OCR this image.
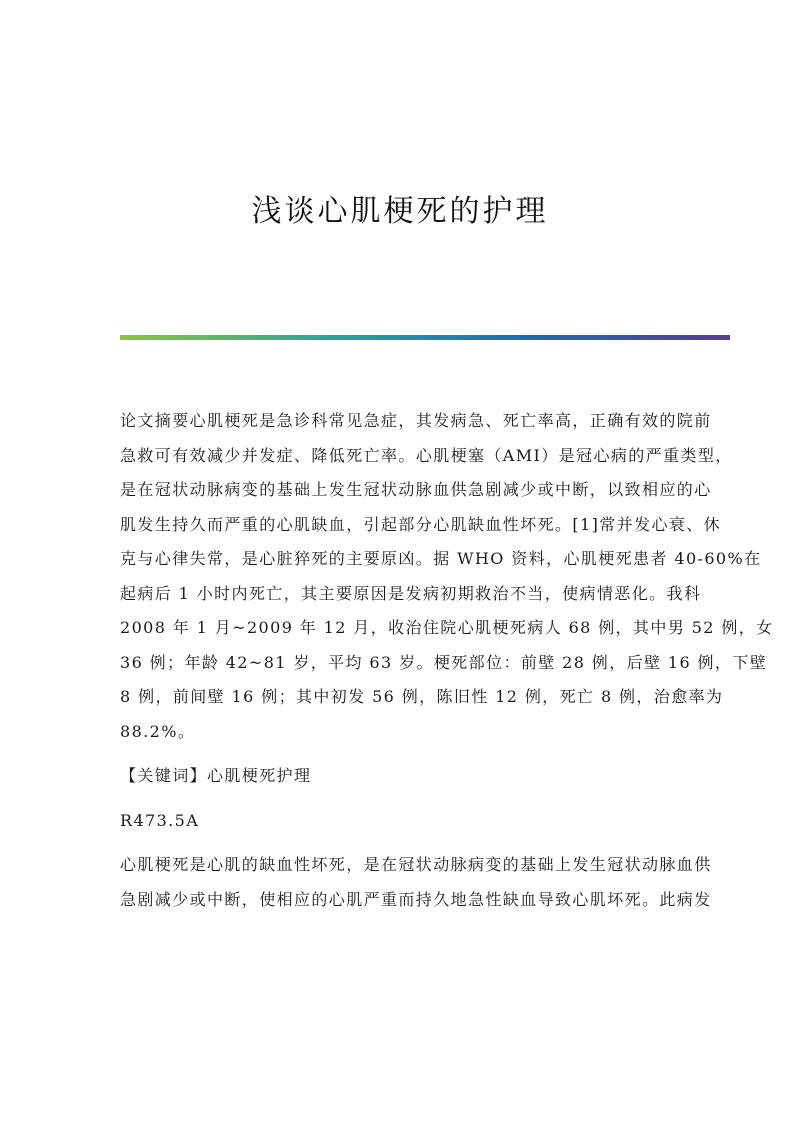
浅谈心肌梗死的护理

论文摘要心肌梗死是急诊科常见急症，其发病急、死亡率高，正确有效的院前
急救可有效减少并发症、降低死亡率。心肌梗塞（AMI）是冠心病的严重类型，
是在冠状动脉病变的基础上发生冠状动脉血供急剧减少或中断，以致相应的心
肌发生持久而严重的心肌缺血，引起部分心肌缺血性坏死。[1]常并发心衰、休
克与心律失常，是心脏猝死的主要原凶。据 WHO 资料，心肌梗死患者 40-60%在
起病后 1 小时内死亡，其主要原因是发病初期救治不当，使病情恶化。我科
2008 年 1 月~2009 年 12 月，收治住院心肌梗死病人 68 例，其中男 52 例，女
36 例；年龄 42~81 岁，平均 63 岁。梗死部位：前壁 28 例，后壁 16 例，下壁
8 例，前间壁 16 例；其中初发 56 例，陈旧性 12 例，死亡 8 例，治愈率为
88.2%。

【关键词】心肌梗死护理

R473.5A

心肌梗死是心肌的缺血性坏死，是在冠状动脉病变的基础上发生冠状动脉血供
急剧减少或中断，使相应的心肌严重而持久地急性缺血导致心肌坏死。此病发
